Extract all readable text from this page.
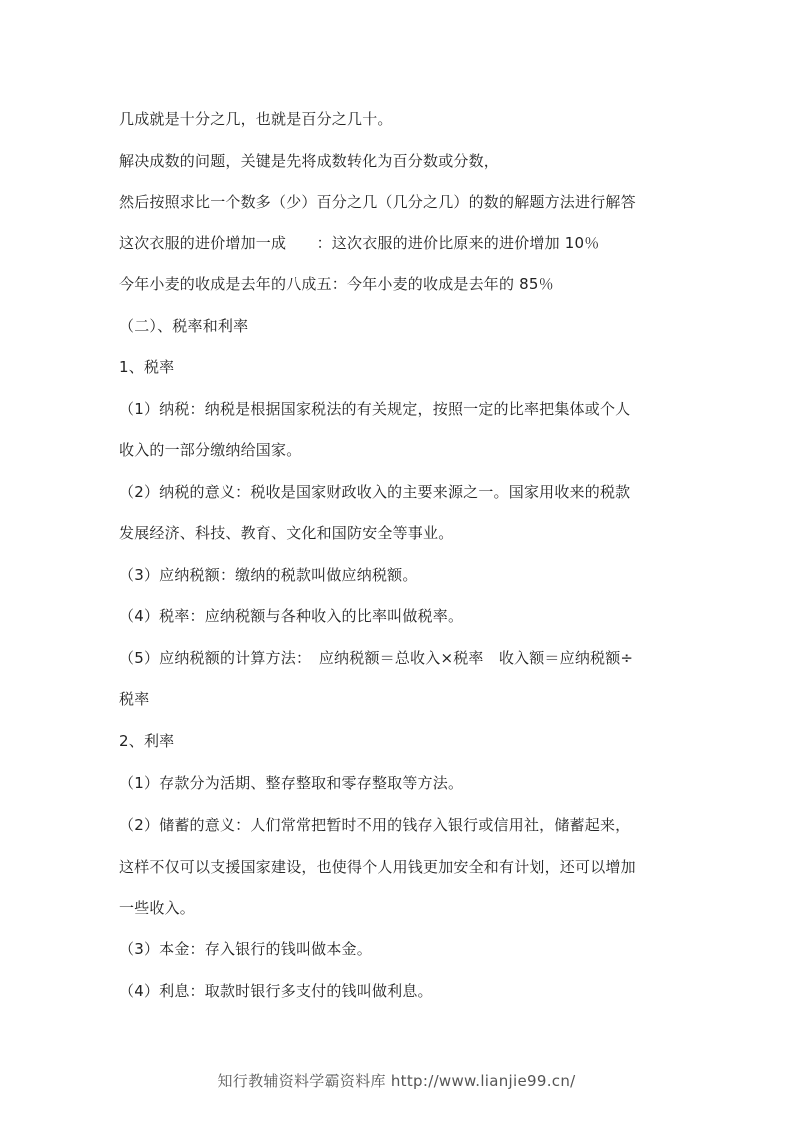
几成就是十分之几，也就是百分之几十。
解决成数的问题，关键是先将成数转化为百分数或分数，
然后按照求比一个数多（少）百分之几（几分之几）的数的解题方法进行解答
这次衣服的进价增加一成　　：这次衣服的进价比原来的进价增加 10％
今年小麦的收成是去年的八成五：今年小麦的收成是去年的 85％
（二）、税率和利率
1、税率
（1）纳税：纳税是根据国家税法的有关规定，按照一定的比率把集体或个人
收入的一部分缴纳给国家。
（2）纳税的意义：税收是国家财政收入的主要来源之一。国家用收来的税款
发展经济、科技、教育、文化和国防安全等事业。
（3）应纳税额：缴纳的税款叫做应纳税额。
（4）税率：应纳税额与各种收入的比率叫做税率。
（5）应纳税额的计算方法：　应纳税额＝总收入×税率　收入额＝应纳税额÷
税率
2、利率
（1）存款分为活期、整存整取和零存整取等方法。
（2）储蓄的意义：人们常常把暂时不用的钱存入银行或信用社，储蓄起来，
这样不仅可以支援国家建设，也使得个人用钱更加安全和有计划，还可以增加
一些收入。
（3）本金：存入银行的钱叫做本金。
（4）利息：取款时银行多支付的钱叫做利息。
知行教辅资料学霸资料库 http://www.lianjie99.cn/
